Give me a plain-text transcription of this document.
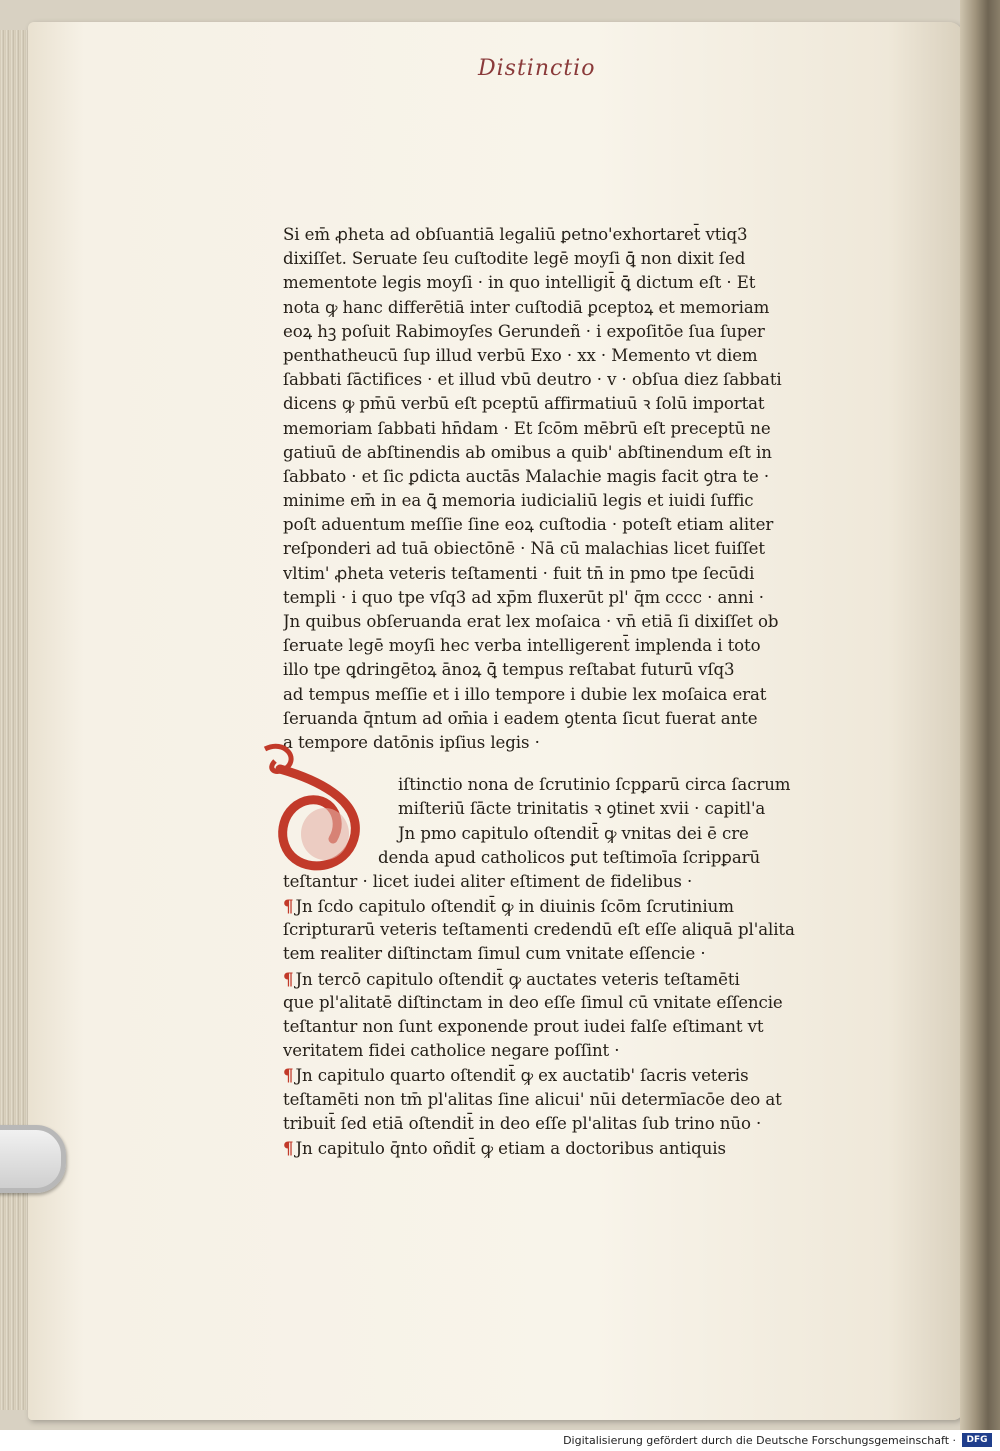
Distinctio
Si em̄ ꝓheta ad obſuantiā legaliū ꝑetno'exhortaret̄ vtiq3
dixiſſet. Seruate ſeu cuſtodite legē moyſi ꝗ̄ non dixit ſed
mementote legis moyſi · in quo intelligit̄ ꝗ̄ dictum eſt · Et
nota ꝙ hanc differētiā inter cuſtodiā ꝑceptoꝝ et memoriam
eoꝝ hꝫ poſuit Rabimoyſes Gerundeñ · i expoſitōe ſua ſuper
penthatheucū ſup illud verbū Exo · xx · Memento vt diem
ſabbati ſāctifices · et illud vbū deutro · v · obſua diez ſabbati
dicens ꝙ pm̄ū verbū eſt pceptū affirmatiuū ꝛ ſolū importat
memoriam ſabbati hn̄dam · Et ſcōm mēbrū eſt preceptū ne
gatiuū de abſtinendis ab omibus a quib' abſtinendum eſt in
ſabbato · et ſic ꝑdicta auctās Malachie magis facit ꝯtra te ·
minime em̄ in ea ꝗ̄ memoria iudicialiū legis et iuidi ſuffic
poſt aduentum meſſie ſine eoꝝ cuſtodia · poteſt etiam aliter
reſponderi ad tuā obiectōnē · Nā cū malachias licet fuiſſet
vltim' ꝓheta veteris teſtamenti · fuit tn̄ in pmo tpe ſecūdi
templi · i quo tpe vſq3 ad xp̄m fluxerūt pl' q̄m cccc · anni ·
Jn quibus obſeruanda erat lex moſaica · vn̄ etiā ſi dixiſſet ob
ſeruate legē moyſi hec verba intelligerent̄ implenda i toto
illo tpe ꝗdringētoꝝ ānoꝝ ꝗ̄ tempus reſtabat futurū vſq3
ad tempus meſſie et i illo tempore i dubie lex moſaica erat
ſeruanda q̄ntum ad om̄ia i eadem ꝯtenta ſicut fuerat ante
a tempore datōnis ipſius legis ·
iſtinctio nona de ſcrutinio ſcpꝑarū circa ſacrum
miſteriū ſācte trinitatis ꝛ ꝯtinet xvii · capitl'a
Jn pmo capitulo oſtendit̄ ꝙ vnitas dei ē cre
denda apud catholicos ꝑut teſtimoīa ſcripꝑarū
teſtantur · licet iudei aliter eſtiment de fidelibus ·
¶ Jn ſcdo capitulo oſtendit̄ ꝙ in diuinis ſcōm ſcrutinium
ſcripturarū veteris teſtamenti credendū eſt eſſe aliquā pl'alita
tem realiter diſtinctam ſimul cum vnitate eſſencie ·
¶ Jn tercō capitulo oſtendit̄ ꝙ auctates veteris teſtamēti
que pl'alitatē diſtinctam in deo eſſe ſimul cū vnitate eſſencie
teſtantur non ſunt exponende prout iudei falſe eſtimant vt
veritatem fidei catholice negare poſſint ·
¶ Jn capitulo quarto oſtendit̄ ꝙ ex auctatib' ſacris veteris
teſtamēti non tm̄ pl'alitas ſine alicui' nūi determīacōe deo at
tribuit̄ ſed etiā oſtendit̄ in deo eſſe pl'alitas ſub trino nūo ·
¶ Jn capitulo q̄nto oñdit̄ ꝙ etiam a doctoribus antiquis
Digitalisierung gefördert durch die Deutsche Forschungsgemeinschaft ·	DFG
